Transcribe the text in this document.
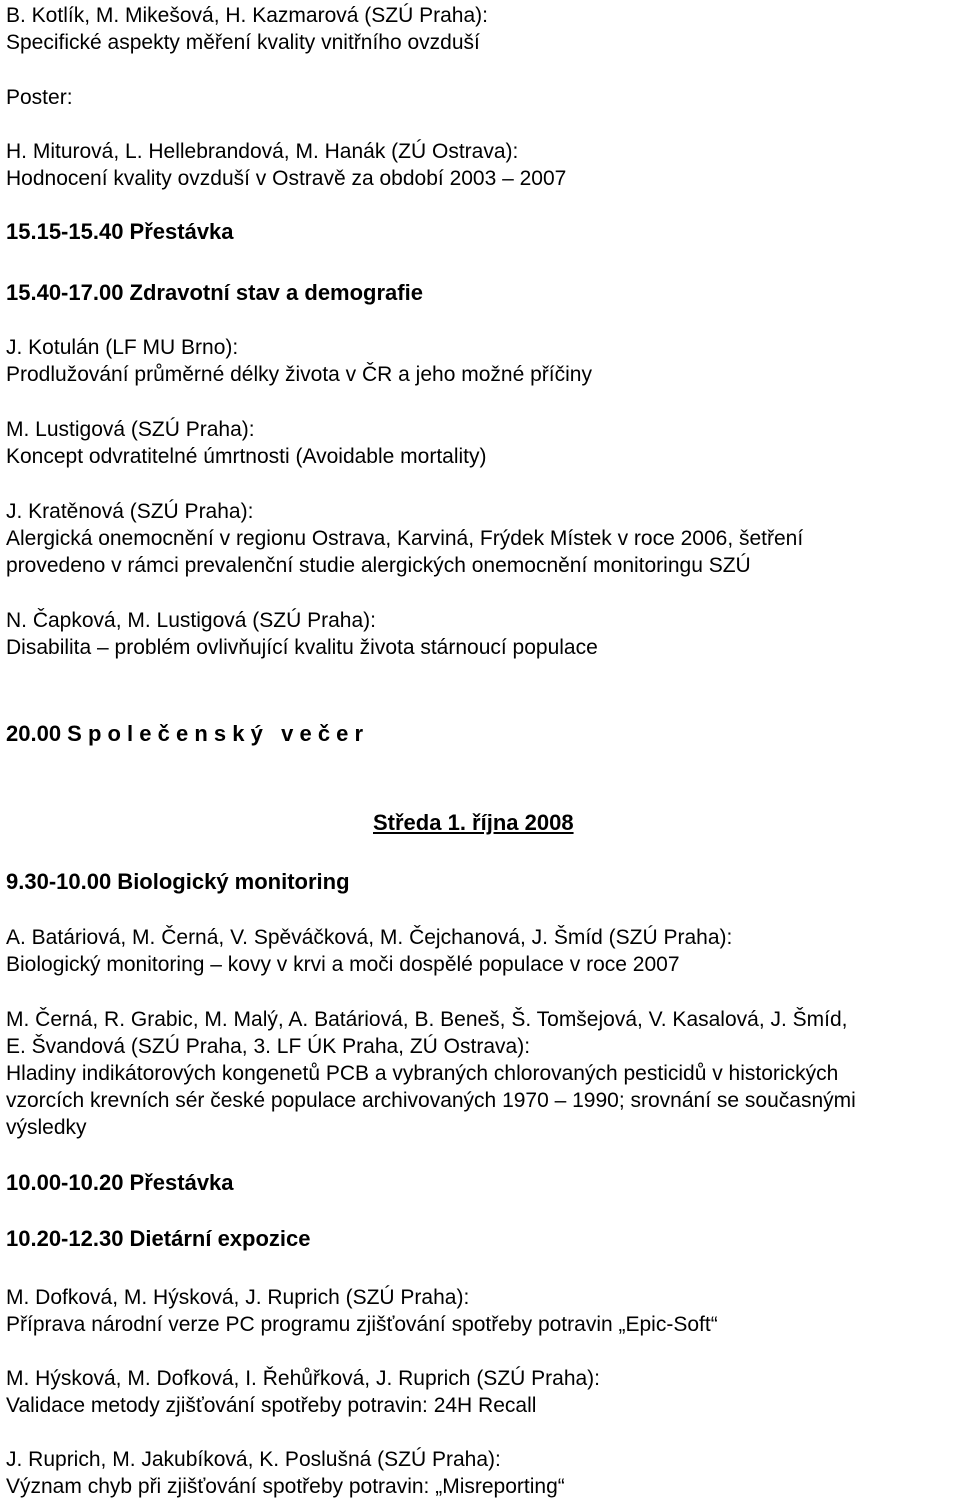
B. Kotlík, M. Mikešová, H. Kazmarová (SZÚ Praha):
Specifické aspekty měření kvality vnitřního ovzduší
Poster:
H. Miturová, L. Hellebrandová, M. Hanák (ZÚ Ostrava):
Hodnocení kvality ovzduší v Ostravě za období 2003 – 2007
15.15-15.40 Přestávka
15.40-17.00 Zdravotní stav a demografie
J. Kotulán (LF MU Brno):
Prodlužování průměrné délky života v ČR a jeho možné příčiny
M. Lustigová (SZÚ Praha):
Koncept odvratitelné úmrtnosti (Avoidable mortality)
J. Kratěnová (SZÚ Praha):
Alergická onemocnění v regionu Ostrava, Karviná, Frýdek Místek v roce 2006, šetření
provedeno v rámci prevalenční studie alergických onemocnění monitoringu SZÚ
N. Čapková, M. Lustigová (SZÚ Praha):
Disabilita – problém ovlivňující kvalitu života stárnoucí populace
20.00 S p o l e č e n s k ý   v e č e r
Středa 1. října 2008
9.30-10.00 Biologický monitoring
A. Batáriová, M. Černá, V. Spěváčková, M. Čejchanová, J. Šmíd (SZÚ Praha):
Biologický monitoring – kovy v krvi a moči dospělé populace v roce 2007
M. Černá, R. Grabic, M. Malý, A. Batáriová, B. Beneš, Š. Tomšejová, V. Kasalová, J. Šmíd,
E. Švandová (SZÚ Praha, 3. LF ÚK Praha, ZÚ Ostrava):
Hladiny indikátorových kongenetů PCB a vybraných chlorovaných pesticidů v historických
vzorcích krevních sér české populace archivovaných 1970 – 1990; srovnání se současnými
výsledky
10.00-10.20 Přestávka
10.20-12.30 Dietární expozice
M. Dofková, M. Hýsková, J. Ruprich (SZÚ Praha):
Příprava národní verze PC programu zjišťování spotřeby potravin „Epic-Soft“
M. Hýsková, M. Dofková, I. Řehůřková, J. Ruprich (SZÚ Praha):
Validace metody zjišťování spotřeby potravin: 24H Recall
J. Ruprich, M. Jakubíková, K. Poslušná (SZÚ Praha):
Význam chyb při zjišťování spotřeby potravin: „Misreporting“
